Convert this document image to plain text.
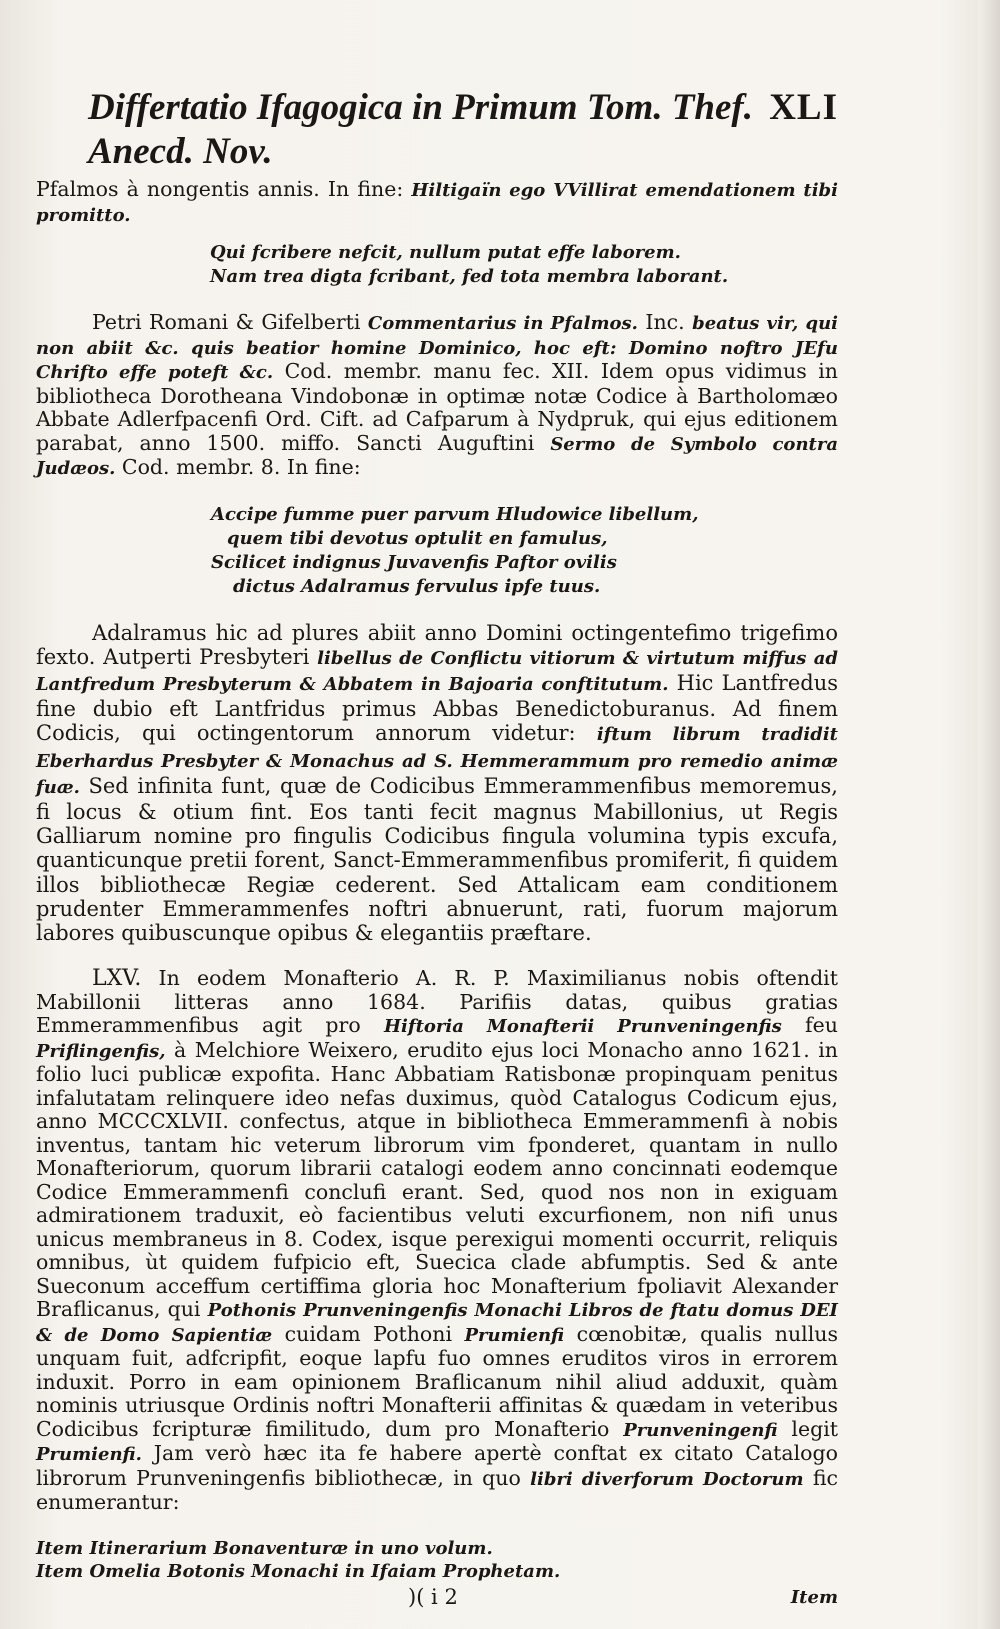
Differtatio Ifagogica in Primum Tom. Thef. Anecd. Nov.
XLI

Pfalmos à nongentis annis. In fine: Hiltigaïn ego VVillirat emendationem tibi promitto.

Qui fcribere nefcit, nullum putat effe laborem.
Nam trea digta fcribant, fed tota membra laborant.

Petri Romani & Gifelberti Commentarius in Pfalmos. Inc. beatus vir, qui non abiit &c. quis beatior homine Dominico, hoc eft: Domino noftro JEfu Chrifto effe poteft &c. Cod. membr. manu fec. XII. Idem opus vidimus in bibliotheca Dorotheana Vindobonæ in optimæ notæ Codice à Bartholomæo Abbate Adlerfpacenfi Ord. Cift. ad Cafparum à Nydpruk, qui ejus editionem parabat, anno 1500. miffo. Sancti Auguftini Sermo de Symbolo contra Judæos. Cod. membr. 8. In fine:

Accipe fumme puer parvum Hludowice libellum,
quem tibi devotus optulit en famulus,
Scilicet indignus Juvavenfis Paftor ovilis
dictus Adalramus fervulus ipfe tuus.

Adalramus hic ad plures abiit anno Domini octingentefimo trigefimo fexto. Autperti Presbyteri libellus de Conflictu vitiorum & virtutum miffus ad Lantfredum Presbyterum & Abbatem in Bajoaria conftitutum. Hic Lantfredus fine dubio eft Lantfridus primus Abbas Benedictoburanus. Ad finem Codicis, qui octingentorum annorum videtur: iftum librum tradidit Eberhardus Presbyter & Monachus ad S. Hemmerammum pro remedio animæ fuæ. Sed infinita funt, quæ de Codicibus Emmerammenfibus memoremus, fi locus & otium fint. Eos tanti fecit magnus Mabillonius, ut Regis Galliarum nomine pro fingulis Codicibus fingula volumina typis excufa, quanticunque pretii forent, Sanct-Emmerammenfibus promiferit, fi quidem illos bibliothecæ Regiæ cederent. Sed Attalicam eam conditionem prudenter Emmerammenfes noftri abnuerunt, rati, fuorum majorum labores quibuscunque opibus & elegantiis præftare.

LXV. In eodem Monafterio A. R. P. Maximilianus nobis oftendit Mabillonii litteras anno 1684. Parifiis datas, quibus gratias Emmerammenfibus agit pro Hiftoria Monafterii Prunveningenfis feu Priflingenfis, à Melchiore Weixero, erudito ejus loci Monacho anno 1621. in folio luci publicæ expofita. Hanc Abbatiam Ratisbonæ propinquam penitus infalutatam relinquere ideo nefas duximus, quòd Catalogus Codicum ejus, anno MCCCXLVII. confectus, atque in bibliotheca Emmerammenfi à nobis inventus, tantam hic veterum librorum vim fponderet, quantam in nullo Monafteriorum, quorum librarii catalogi eodem anno concinnati eodemque Codice Emmerammenfi conclufi erant. Sed, quod nos non in exiguam admirationem traduxit, eò facientibus veluti excurfionem, non nifi unus unicus membraneus in 8. Codex, isque perexigui momenti occurrit, reliquis omnibus, ùt quidem fufpicio eft, Suecica clade abfumptis. Sed & ante Sueconum acceffum certiffima gloria hoc Monafterium fpoliavit Alexander Braflicanus, qui Pothonis Prunveningenfis Monachi Libros de ftatu domus DEI & de Domo Sapientiæ cuidam Pothoni Prumienfi cœnobitæ, qualis nullus unquam fuit, adfcripfit, eoque lapfu fuo omnes eruditos viros in errorem induxit. Porro in eam opinionem Braflicanum nihil aliud adduxit, quàm nominis utriusque Ordinis noftri Monafterii affinitas & quædam in veteribus Codicibus fcripturæ fimilitudo, dum pro Monafterio Prunveningenfi legit Prumienfi. Jam verò hæc ita fe habere apertè conftat ex citato Catalogo librorum Prunveningenfis bibliothecæ, in quo libri diverforum Doctorum fic enumerantur:

Item Itinerarium Bonaventuræ in uno volum.

Item Omelia Botonis Monachi in Ifaiam Prophetam.

)( i 2	Item
